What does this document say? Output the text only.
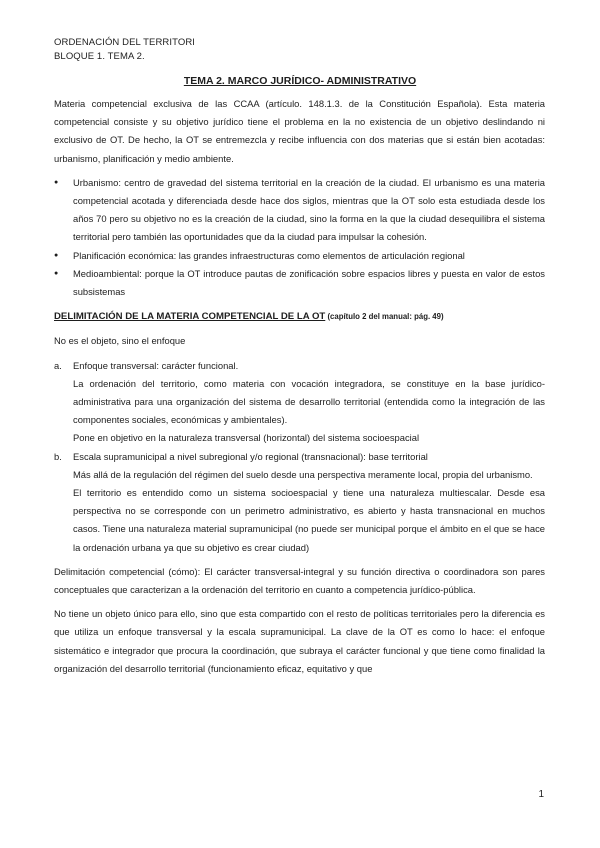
ORDENACIÓN DEL TERRITORI
BLOQUE 1. TEMA 2.
TEMA 2. MARCO JURÍDICO- ADMINISTRATIVO

Materia competencial exclusiva de las CCAA (artículo. 148.1.3. de la Constitución Española). Esta materia competencial consiste y su objetivo jurídico tiene el problema en la no existencia de un objetivo deslindando ni exclusivo de OT. De hecho, la OT se entremezcla y recibe influencia con dos materias que si están bien acotadas: urbanismo, planificación y medio ambiente.

● Urbanismo: centro de gravedad del sistema territorial en la creación de la ciudad. El urbanismo es una materia competencial acotada y diferenciada desde hace dos siglos, mientras que la OT solo esta estudiada desde los años 70 pero su objetivo no es la creación de la ciudad, sino la forma en la que la ciudad desequilibra el sistema territorial pero también las oportunidades que da la ciudad para impulsar la cohesión.
● Planificación económica: las grandes infraestructuras como elementos de articulación regional
● Medioambiental: porque la OT introduce pautas de zonificación sobre espacios libres y puesta en valor de estos subsistemas
DELIMITACIÓN DE LA MATERIA COMPETENCIAL DE LA OT (capítulo 2 del manual: pág. 49)

No es el objeto, sino el enfoque

a. Enfoque transversal: carácter funcional.
La ordenación del territorio, como materia con vocación integradora, se constituye en la base jurídico-administrativa para una organización del sistema de desarrollo territorial (entendida como la integración de las componentes sociales, económicas y ambientales).
Pone en objetivo en la naturaleza transversal (horizontal) del sistema socioespacial
b. Escala supramunicipal a nivel subregional y/o regional (transnacional): base territorial
Más allá de la regulación del régimen del suelo desde una perspectiva meramente local, propia del urbanismo.
El territorio es entendido como un sistema socioespacial y tiene una naturaleza multiescalar. Desde esa perspectiva no se corresponde con un perimetro administrativo, es abierto y hasta transnacional en muchos casos. Tiene una naturaleza material supramunicipal (no puede ser municipal porque el ámbito en el que se hace la ordenación urbana ya que su objetivo es crear ciudad)

Delimitación competencial (cómo): El carácter transversal-integral y su función directiva o coordinadora son pares conceptuales que caracterizan a la ordenación del territorio en cuanto a competencia jurídico-pública.

No tiene un objeto único para ello, sino que esta compartido con el resto de políticas territoriales pero la diferencia es que utiliza un enfoque transversal y la escala supramunicipal. La clave de la OT es como lo hace: el enfoque sistemático e integrador que procura la coordinación, que subraya el carácter funcional y que tiene como finalidad la organización del desarrollo territorial (funcionamiento eficaz, equitativo y que

1
